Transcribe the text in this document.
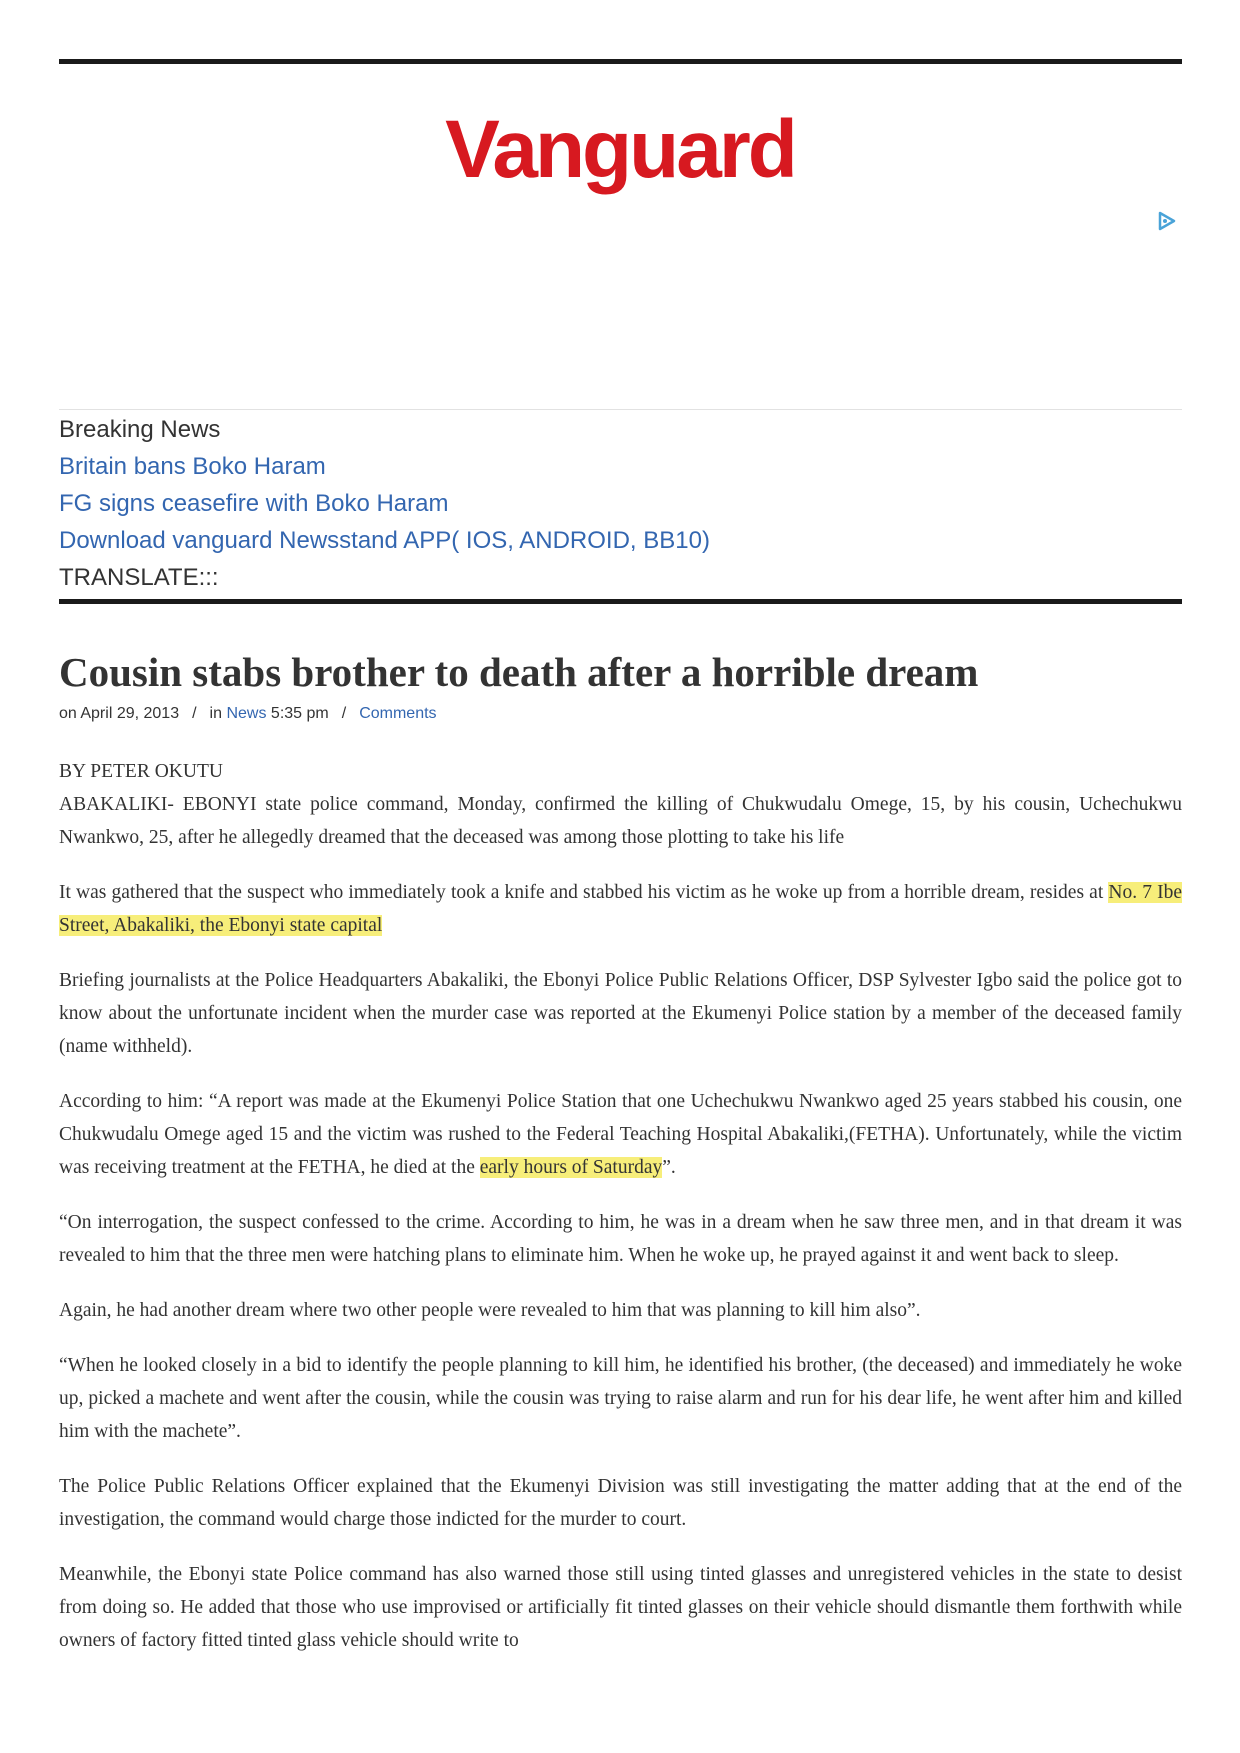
Vanguard
Breaking News
Britain bans Boko Haram
FG signs ceasefire with Boko Haram
Download vanguard Newsstand APP( IOS, ANDROID, BB10)
TRANSLATE:::
Cousin stabs brother to death after a horrible dream
on April 29, 2013 / in News 5:35 pm / Comments

BY PETER OKUTU

ABAKALIKI- EBONYI state police command, Monday, confirmed the killing of Chukwudalu Omege, 15, by his cousin, Uchechukwu Nwankwo, 25, after he allegedly dreamed that the deceased was among those plotting to take his life

It was gathered that the suspect who immediately took a knife and stabbed his victim as he woke up from a horrible dream, resides at No. 7 Ibe Street, Abakaliki, the Ebonyi state capital

Briefing journalists at the Police Headquarters Abakaliki, the Ebonyi Police Public Relations Officer, DSP Sylvester Igbo said the police got to know about the unfortunate incident when the murder case was reported at the Ekumenyi Police station by a member of the deceased family (name withheld).

According to him: “A report was made at the Ekumenyi Police Station that one Uchechukwu Nwankwo aged 25 years stabbed his cousin, one Chukwudalu Omege aged 15 and the victim was rushed to the Federal Teaching Hospital Abakaliki,(FETHA). Unfortunately, while the victim was receiving treatment at the FETHA, he died at the early hours of Saturday”.

“On interrogation, the suspect confessed to the crime. According to him, he was in a dream when he saw three men, and in that dream it was revealed to him that the three men were hatching plans to eliminate him. When he woke up, he prayed against it and went back to sleep.

Again, he had another dream where two other people were revealed to him that was planning to kill him also”.

“When he looked closely in a bid to identify the people planning to kill him, he identified his brother, (the deceased) and immediately he woke up, picked a machete and went after the cousin, while the cousin was trying to raise alarm and run for his dear life, he went after him and killed him with the machete”.

The Police Public Relations Officer explained that the Ekumenyi Division was still investigating the matter adding that at the end of the investigation, the command would charge those indicted for the murder to court.

Meanwhile, the Ebonyi state Police command has also warned those still using tinted glasses and unregistered vehicles in the state to desist from doing so. He added that those who use improvised or artificially fit tinted glasses on their vehicle should dismantle them forthwith while owners of factory fitted tinted glass vehicle should write to
